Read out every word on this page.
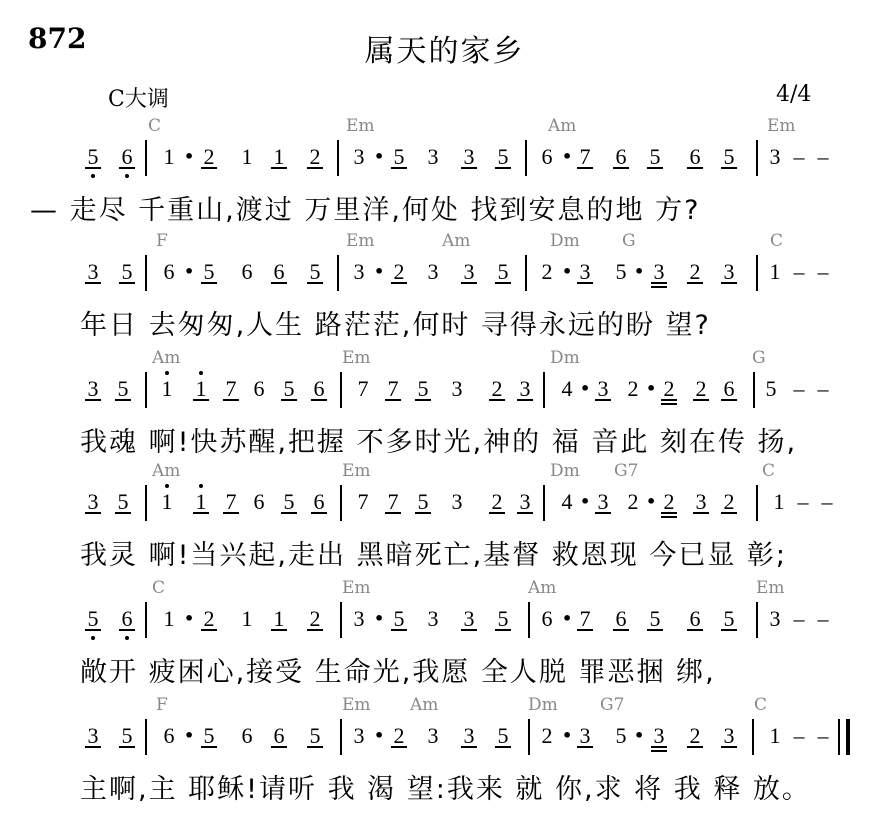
872	属天的家乡
C大调	4/4
C	Em	Am	Em
5	6	1 • 2	1 1	2	3 • 5	3	3	5	6 • 7	6	5	6	5	3 – –
— 走尽 千重山,渡过 万里洋,何处 找到安息的地 方?
F	Em	Am	Dm G	C
3	5	6 • 5	6 6	5	3 • 2	3	3	5	2 • 3	5 • 3	2	3	1 – –
年日 去匆匆,人生 路茫茫,何时 寻得永远的盼 望?
Am	Em	Dm	G
3 5	1	1 7 6 5 6	7 7 5	3	2 3	4 • 3 2 • 2 2 6	5 – –
我魂 啊!快苏醒,把握 不多时光,神的 福 音此 刻在传 扬,
Am	Em	Dm G7	C
3 5	1	1 7 6 5 6	7 7 5	3	2 3	4 • 3 2 • 2 3 2	1 – –
我灵 啊!当兴起,走出 黑暗死亡,基督 救恩现 今已显 彰;
C	Em	Am	Em
5	6	1 • 2	1 1	2	3 • 5	3	3	5	6 • 7	6	5	6	5	3 – –
敞开 疲困心,接受 生命光,我愿 全人脱 罪恶捆 绑,
F	Em Am	Dm G7	C
3	5	6 • 5	6 6	5	3 • 2	3	3	5	2 • 3	5 • 3	2	3	1 – –
主啊,主 耶稣!请听 我 渴 望:我来 就 你,求 将 我 释 放。
